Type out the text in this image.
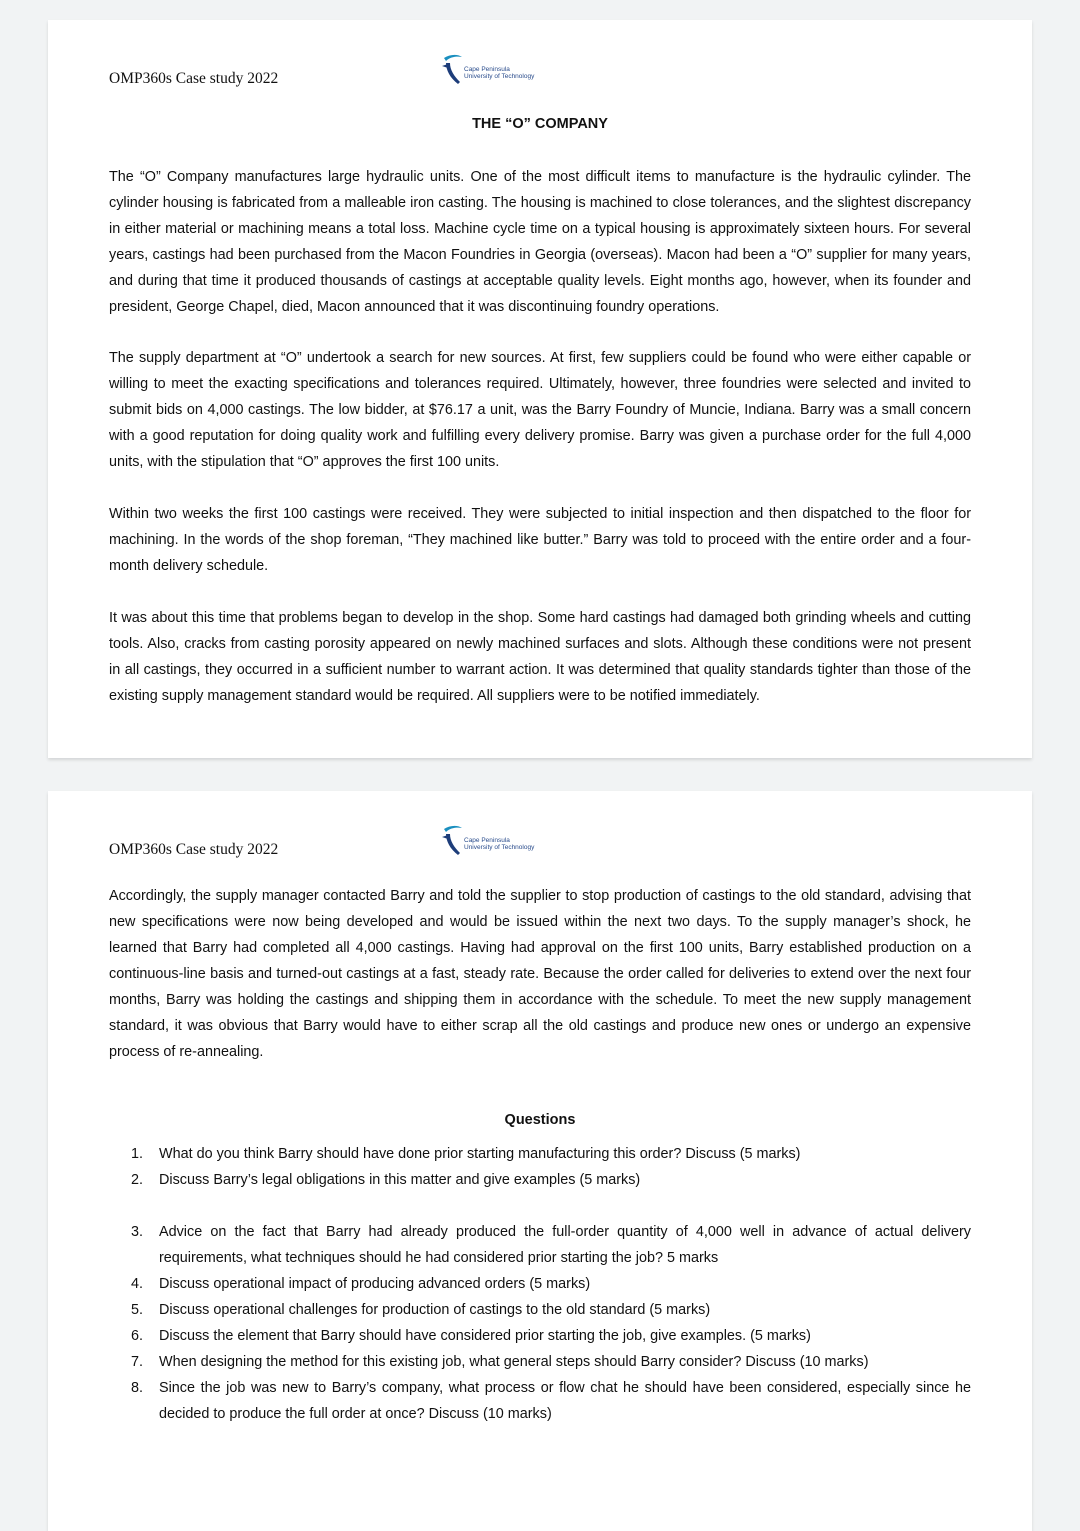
OMP360s Case study 2022
Cape Peninsula
University of Technology
THE “O” COMPANY

The “O” Company manufactures large hydraulic units. One of the most difficult items to manufacture is the hydraulic cylinder. The cylinder housing is fabricated from a malleable iron casting. The housing is machined to close tolerances, and the slightest discrepancy in either material or machining means a total loss. Machine cycle time on a typical housing is approximately sixteen hours. For several years, castings had been purchased from the Macon Foundries in Georgia (overseas). Macon had been a “O” supplier for many years, and during that time it produced thousands of castings at acceptable quality levels. Eight months ago, however, when its founder and president, George Chapel, died, Macon announced that it was discontinuing foundry operations.

The supply department at “O” undertook a search for new sources. At first, few suppliers could be found who were either capable or willing to meet the exacting specifications and tolerances required. Ultimately, however, three foundries were selected and invited to submit bids on 4,000 castings. The low bidder, at $76.17 a unit, was the Barry Foundry of Muncie, Indiana. Barry was a small concern with a good reputation for doing quality work and fulfilling every delivery promise. Barry was given a purchase order for the full 4,000 units, with the stipulation that “O” approves the first 100 units.

Within two weeks the first 100 castings were received. They were subjected to initial inspection and then dispatched to the floor for machining. In the words of the shop foreman, “They machined like butter.” Barry was told to proceed with the entire order and a four-month delivery schedule.

It was about this time that problems began to develop in the shop. Some hard castings had damaged both grinding wheels and cutting tools. Also, cracks from casting porosity appeared on newly machined surfaces and slots. Although these conditions were not present in all castings, they occurred in a sufficient number to warrant action. It was determined that quality standards tighter than those of the existing supply management standard would be required. All suppliers were to be notified immediately.

OMP360s Case study 2022
Cape Peninsula
University of Technology

Accordingly, the supply manager contacted Barry and told the supplier to stop production of castings to the old standard, advising that new specifications were now being developed and would be issued within the next two days. To the supply manager’s shock, he learned that Barry had completed all 4,000 castings. Having had approval on the first 100 units, Barry established production on a continuous-line basis and turned-out castings at a fast, steady rate. Because the order called for deliveries to extend over the next four months, Barry was holding the castings and shipping them in accordance with the schedule. To meet the new supply management standard, it was obvious that Barry would have to either scrap all the old castings and produce new ones or undergo an expensive process of re-annealing.

Questions
1.	What do you think Barry should have done prior starting manufacturing this order? Discuss (5 marks)
2.	Discuss Barry’s legal obligations in this matter and give examples (5 marks)
3.	Advice on the fact that Barry had already produced the full-order quantity of 4,000 well in advance of actual delivery requirements, what techniques should he had considered prior starting the job? 5 marks
4.	Discuss operational impact of producing advanced orders (5 marks)
5.	Discuss operational challenges for production of castings to the old standard (5 marks)
6.	Discuss the element that Barry should have considered prior starting the job, give examples. (5 marks)
7.	When designing the method for this existing job, what general steps should Barry consider? Discuss (10 marks)
8.	Since the job was new to Barry’s company, what process or flow chat he should have been considered, especially since he decided to produce the full order at once? Discuss (10 marks)
